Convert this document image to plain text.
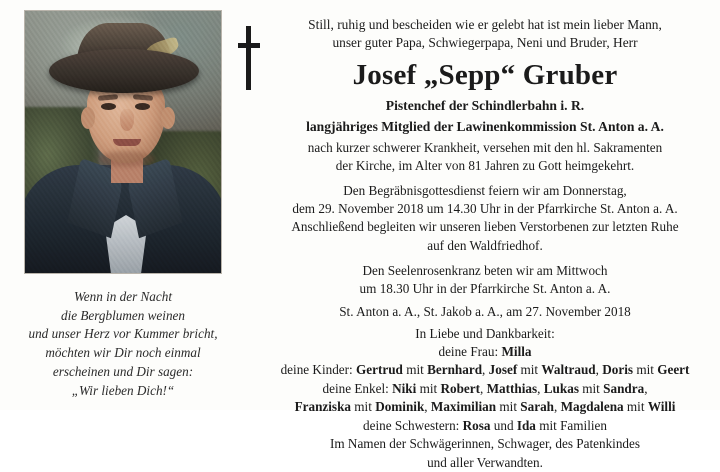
Wenn in der Nacht
die Bergblumen weinen
und unser Herz vor Kummer bricht,
möchten wir Dir noch einmal
erscheinen und Dir sagen:
„Wir lieben Dich!“
Still, ruhig und bescheiden wie er gelebt hat ist mein lieber Mann,
unser guter Papa, Schwiegerpapa, Neni und Bruder, Herr
Josef „Sepp“ Gruber
Pistenchef der Schindlerbahn i. R.
langjähriges Mitglied der Lawinenkommission St. Anton a. A.
nach kurzer schwerer Krankheit, versehen mit den hl. Sakramenten
der Kirche, im Alter von 81 Jahren zu Gott heimgekehrt.
Den Begräbnisgottesdienst feiern wir am Donnerstag,
dem 29. November 2018 um 14.30 Uhr in der Pfarrkirche St. Anton a. A.
Anschließend begleiten wir unseren lieben Verstorbenen zur letzten Ruhe
auf den Waldfriedhof.
Den Seelenrosenkranz beten wir am Mittwoch
um 18.30 Uhr in der Pfarrkirche St. Anton a. A.
St. Anton a. A., St. Jakob a. A., am 27. November 2018
In Liebe und Dankbarkeit:
deine Frau: Milla
deine Kinder: Gertrud mit Bernhard, Josef mit Waltraud, Doris mit Geert
deine Enkel: Niki mit Robert, Matthias, Lukas mit Sandra,
Franziska mit Dominik, Maximilian mit Sarah, Magdalena mit Willi
deine Schwestern: Rosa und Ida mit Familien
Im Namen der Schwägerinnen, Schwager, des Patenkindes
und aller Verwandten.
